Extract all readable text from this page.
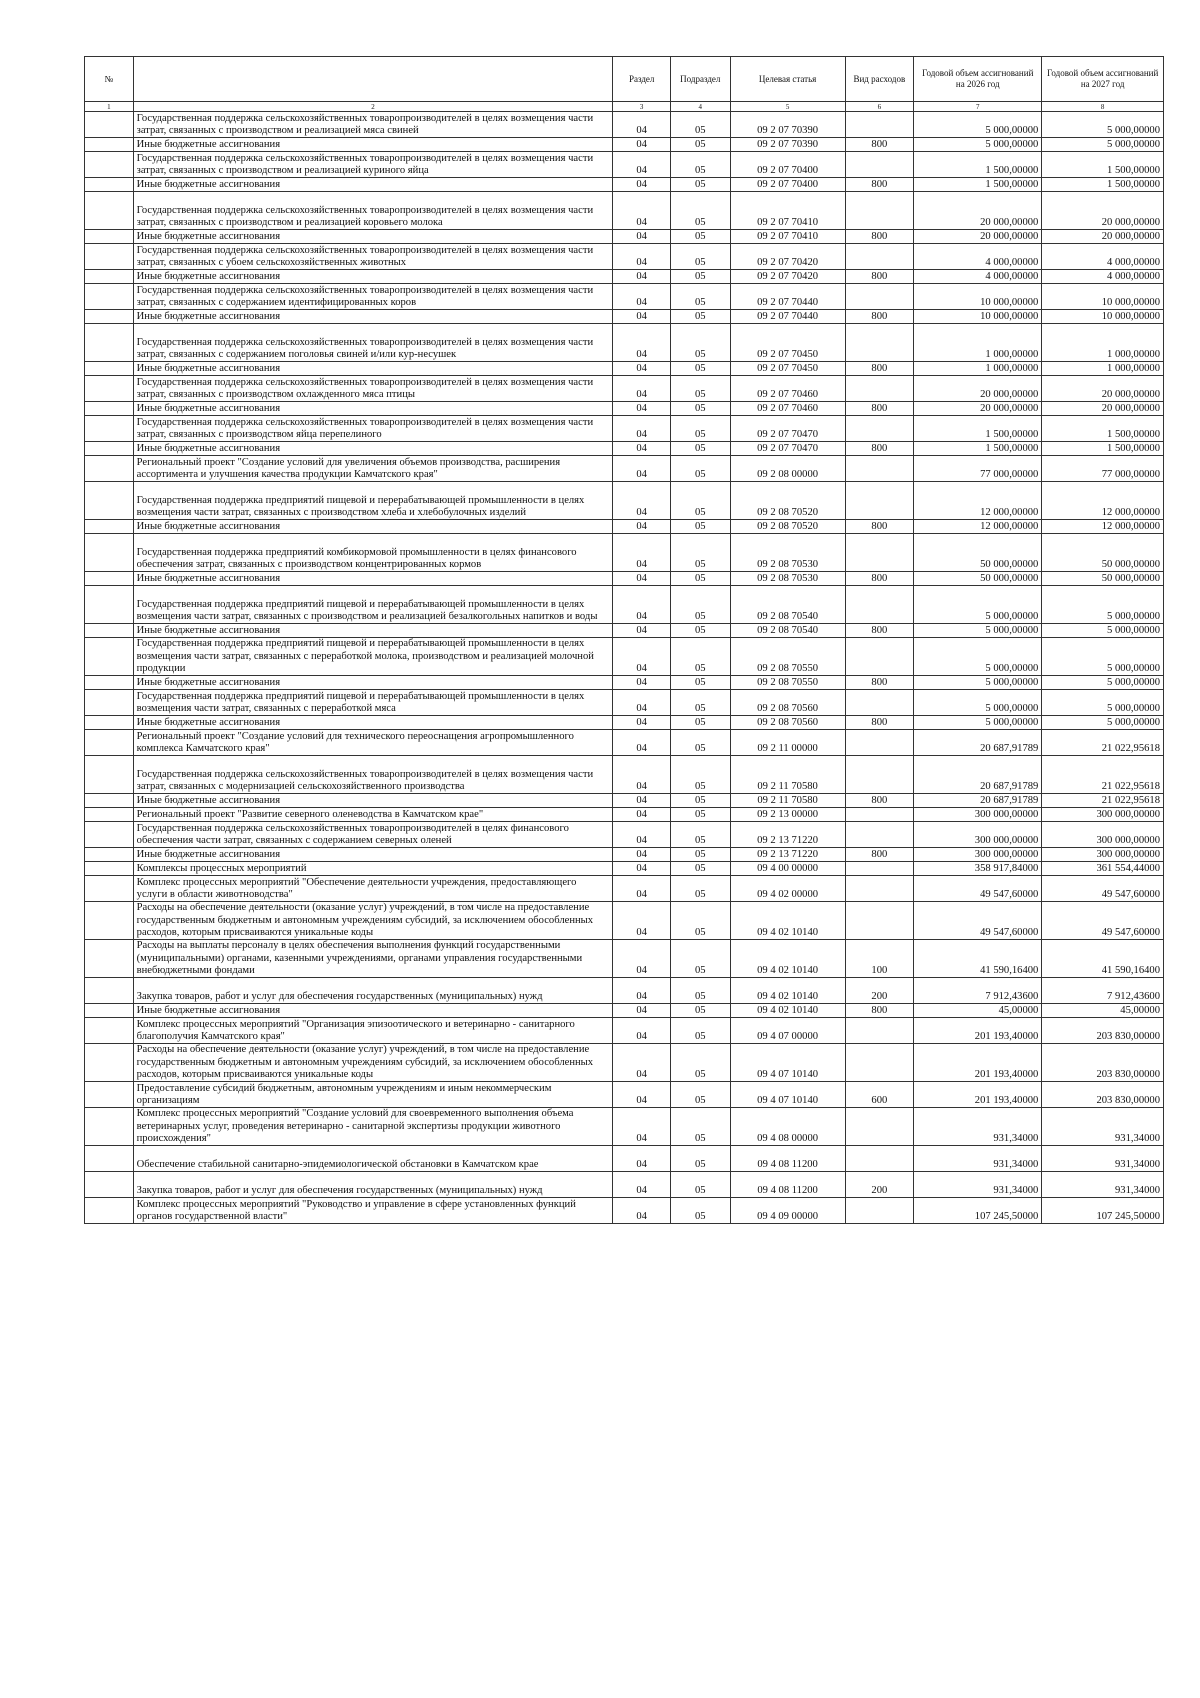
№		Раздел	Подраздел	Целевая статья	Вид расходов	Годовой объем ассигнований на 2026 год	Годовой объем ассигнований на 2027 год
1	2	3	4	5	6	7	8
	Государственная поддержка сельскохозяйственных товаропроизводителей в целях возмещения части затрат, связанных с производством и реализацией мяса свиней	04	05	09 2 07 70390		5 000,00000	5 000,00000
	Иные бюджетные ассигнования	04	05	09 2 07 70390	800	5 000,00000	5 000,00000
	Государственная поддержка сельскохозяйственных товаропроизводителей в целях возмещения части затрат, связанных с производством и реализацией куриного яйца	04	05	09 2 07 70400		1 500,00000	1 500,00000
	Иные бюджетные ассигнования	04	05	09 2 07 70400	800	1 500,00000	1 500,00000
	Государственная поддержка сельскохозяйственных товаропроизводителей в целях возмещения части затрат, связанных с производством и реализацией коровьего молока	04	05	09 2 07 70410		20 000,00000	20 000,00000
	Иные бюджетные ассигнования	04	05	09 2 07 70410	800	20 000,00000	20 000,00000
	Государственная поддержка сельскохозяйственных товаропроизводителей в целях возмещения части затрат, связанных с убоем сельскохозяйственных животных	04	05	09 2 07 70420		4 000,00000	4 000,00000
	Иные бюджетные ассигнования	04	05	09 2 07 70420	800	4 000,00000	4 000,00000
	Государственная поддержка сельскохозяйственных товаропроизводителей в целях возмещения части затрат, связанных с содержанием идентифицированных коров	04	05	09 2 07 70440		10 000,00000	10 000,00000
	Иные бюджетные ассигнования	04	05	09 2 07 70440	800	10 000,00000	10 000,00000
	Государственная поддержка сельскохозяйственных товаропроизводителей в целях возмещения части затрат, связанных с содержанием поголовья свиней и/или кур-несушек	04	05	09 2 07 70450		1 000,00000	1 000,00000
	Иные бюджетные ассигнования	04	05	09 2 07 70450	800	1 000,00000	1 000,00000
	Государственная поддержка сельскохозяйственных товаропроизводителей в целях возмещения части затрат, связанных с производством охлажденного мяса птицы	04	05	09 2 07 70460		20 000,00000	20 000,00000
	Иные бюджетные ассигнования	04	05	09 2 07 70460	800	20 000,00000	20 000,00000
	Государственная поддержка сельскохозяйственных товаропроизводителей в целях возмещения части затрат, связанных с производством яйца перепелиного	04	05	09 2 07 70470		1 500,00000	1 500,00000
	Иные бюджетные ассигнования	04	05	09 2 07 70470	800	1 500,00000	1 500,00000
	Региональный проект "Создание условий для увеличения объемов производства, расширения ассортимента и улучшения качества продукции Камчатского края"	04	05	09 2 08 00000		77 000,00000	77 000,00000
	Государственная поддержка предприятий пищевой и перерабатывающей промышленности в целях возмещения части затрат, связанных с производством хлеба и хлебобулочных изделий	04	05	09 2 08 70520		12 000,00000	12 000,00000
	Иные бюджетные ассигнования	04	05	09 2 08 70520	800	12 000,00000	12 000,00000
	Государственная поддержка предприятий комбикормовой промышленности в целях финансового обеспечения затрат, связанных с производством концентрированных кормов	04	05	09 2 08 70530		50 000,00000	50 000,00000
	Иные бюджетные ассигнования	04	05	09 2 08 70530	800	50 000,00000	50 000,00000
	Государственная поддержка предприятий пищевой и перерабатывающей промышленности в целях возмещения части затрат, связанных с производством и реализацией безалкогольных напитков и воды	04	05	09 2 08 70540		5 000,00000	5 000,00000
	Иные бюджетные ассигнования	04	05	09 2 08 70540	800	5 000,00000	5 000,00000
	Государственная поддержка предприятий пищевой и перерабатывающей промышленности в целях возмещения части затрат, связанных с переработкой молока, производством и реализацией молочной продукции	04	05	09 2 08 70550		5 000,00000	5 000,00000
	Иные бюджетные ассигнования	04	05	09 2 08 70550	800	5 000,00000	5 000,00000
	Государственная поддержка предприятий пищевой и перерабатывающей промышленности в целях возмещения части затрат, связанных с переработкой мяса	04	05	09 2 08 70560		5 000,00000	5 000,00000
	Иные бюджетные ассигнования	04	05	09 2 08 70560	800	5 000,00000	5 000,00000
	Региональный проект "Создание условий для технического переоснащения агропромышленного комплекса Камчатского края"	04	05	09 2 11 00000		20 687,91789	21 022,95618
	Государственная поддержка сельскохозяйственных товаропроизводителей в целях возмещения части затрат, связанных с модернизацией сельскохозяйственного производства	04	05	09 2 11 70580		20 687,91789	21 022,95618
	Иные бюджетные ассигнования	04	05	09 2 11 70580	800	20 687,91789	21 022,95618
	Региональный проект "Развитие северного оленеводства в Камчатском крае"	04	05	09 2 13 00000		300 000,00000	300 000,00000
	Государственная поддержка сельскохозяйственных товаропроизводителей в целях финансового обеспечения части затрат, связанных с содержанием северных оленей	04	05	09 2 13 71220		300 000,00000	300 000,00000
	Иные бюджетные ассигнования	04	05	09 2 13 71220	800	300 000,00000	300 000,00000
	Комплексы процессных мероприятий	04	05	09 4 00 00000		358 917,84000	361 554,44000
	Комплекс процессных мероприятий "Обеспечение деятельности учреждения, предоставляющего услуги в области животноводства"	04	05	09 4 02 00000		49 547,60000	49 547,60000
	Расходы на обеспечение деятельности (оказание услуг) учреждений, в том числе на предоставление государственным бюджетным и автономным учреждениям субсидий, за исключением обособленных расходов, которым присваиваются уникальные коды	04	05	09 4 02 10140		49 547,60000	49 547,60000
	Расходы на выплаты персоналу в целях обеспечения выполнения функций государственными (муниципальными) органами, казенными учреждениями, органами управления государственными внебюджетными фондами	04	05	09 4 02 10140	100	41 590,16400	41 590,16400
	Закупка товаров, работ и услуг для обеспечения государственных (муниципальных) нужд	04	05	09 4 02 10140	200	7 912,43600	7 912,43600
	Иные бюджетные ассигнования	04	05	09 4 02 10140	800	45,00000	45,00000
	Комплекс процессных мероприятий "Организация эпизоотического и ветеринарно - санитарного благополучия Камчатского края"	04	05	09 4 07 00000		201 193,40000	203 830,00000
	Расходы на обеспечение деятельности (оказание услуг) учреждений, в том числе на предоставление государственным бюджетным и автономным учреждениям субсидий, за исключением обособленных расходов, которым присваиваются уникальные коды	04	05	09 4 07 10140		201 193,40000	203 830,00000
	Предоставление субсидий бюджетным, автономным учреждениям и иным некоммерческим организациям	04	05	09 4 07 10140	600	201 193,40000	203 830,00000
	Комплекс процессных мероприятий "Создание условий для своевременного выполнения объема ветеринарных услуг, проведения ветеринарно - санитарной экспертизы продукции животного происхождения"	04	05	09 4 08 00000		931,34000	931,34000
	Обеспечение стабильной санитарно-эпидемиологической обстановки в Камчатском крае	04	05	09 4 08 11200		931,34000	931,34000
	Закупка товаров, работ и услуг для обеспечения государственных (муниципальных) нужд	04	05	09 4 08 11200	200	931,34000	931,34000
	Комплекс процессных мероприятий "Руководство и управление в сфере установленных функций органов государственной власти"	04	05	09 4 09 00000		107 245,50000	107 245,50000
